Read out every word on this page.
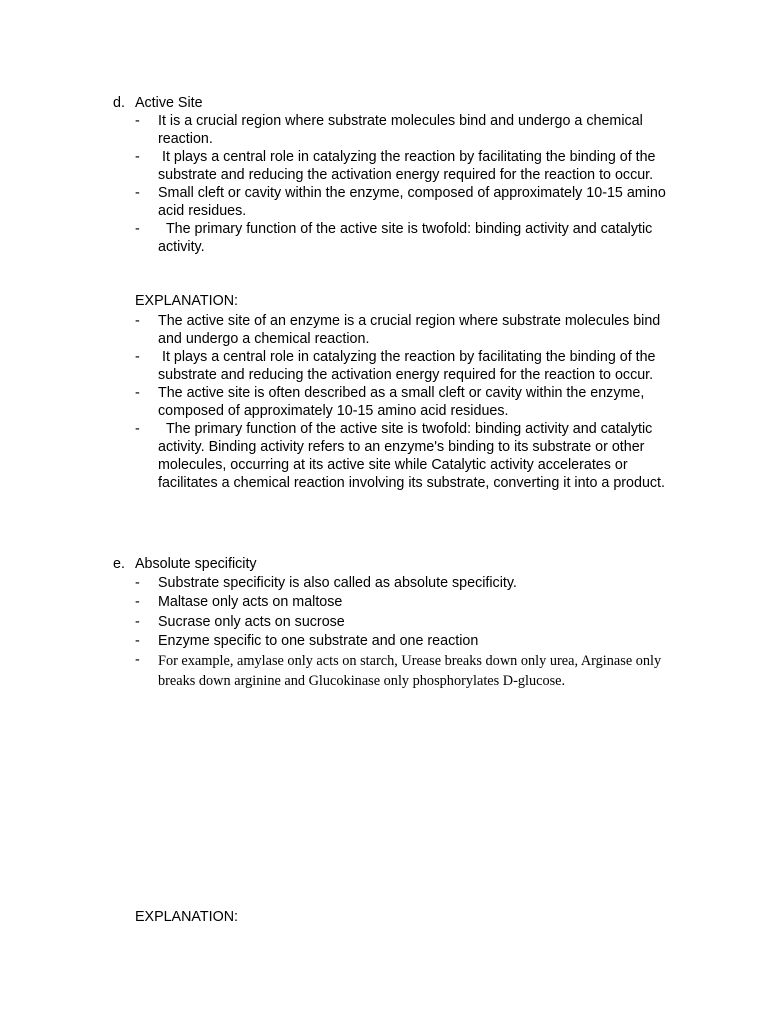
d. Active Site
- It is a crucial region where substrate molecules bind and undergo a chemical reaction.
- It plays a central role in catalyzing the reaction by facilitating the binding of the substrate and reducing the activation energy required for the reaction to occur.
- Small cleft or cavity within the enzyme, composed of approximately 10-15 amino acid residues.
- The primary function of the active site is twofold: binding activity and catalytic activity.
EXPLANATION:
- The active site of an enzyme is a crucial region where substrate molecules bind and undergo a chemical reaction.
- It plays a central role in catalyzing the reaction by facilitating the binding of the substrate and reducing the activation energy required for the reaction to occur.
- The active site is often described as a small cleft or cavity within the enzyme, composed of approximately 10-15 amino acid residues.
- The primary function of the active site is twofold: binding activity and catalytic activity. Binding activity refers to an enzyme's binding to its substrate or other molecules, occurring at its active site while Catalytic activity accelerates or facilitates a chemical reaction involving its substrate, converting it into a product.
e. Absolute specificity
- Substrate specificity is also called as absolute specificity.
- Maltase only acts on maltose
- Sucrase only acts on sucrose
- Enzyme specific to one substrate and one reaction
- For example, amylase only acts on starch, Urease breaks down only urea, Arginase only breaks down arginine and Glucokinase only phosphorylates D-glucose.
EXPLANATION:
